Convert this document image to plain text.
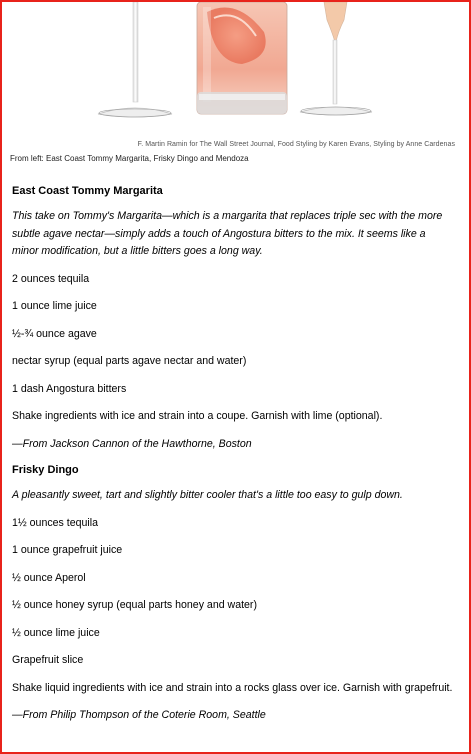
F. Martin Ramin for The Wall Street Journal, Food Styling by Karen Evans, Styling by Anne Cardenas
From left: East Coast Tommy Margarita, Frisky Dingo and Mendoza
East Coast Tommy Margarita

This take on Tommy's Margarita—which is a margarita that replaces triple sec with the more subtle agave nectar—simply adds a touch of Angostura bitters to the mix. It seems like a minor modification, but a little bitters goes a long way.

2 ounces tequila

1 ounce lime juice

½-¾ ounce agave

nectar syrup (equal parts agave nectar and water)

1 dash Angostura bitters

Shake ingredients with ice and strain into a coupe. Garnish with lime (optional).

—From Jackson Cannon of the Hawthorne, Boston

Frisky Dingo

A pleasantly sweet, tart and slightly bitter cooler that's a little too easy to gulp down.

1½ ounces tequila

1 ounce grapefruit juice

½ ounce Aperol

½ ounce honey syrup (equal parts honey and water)

½ ounce lime juice

Grapefruit slice

Shake liquid ingredients with ice and strain into a rocks glass over ice. Garnish with grapefruit.

—From Philip Thompson of the Coterie Room, Seattle
